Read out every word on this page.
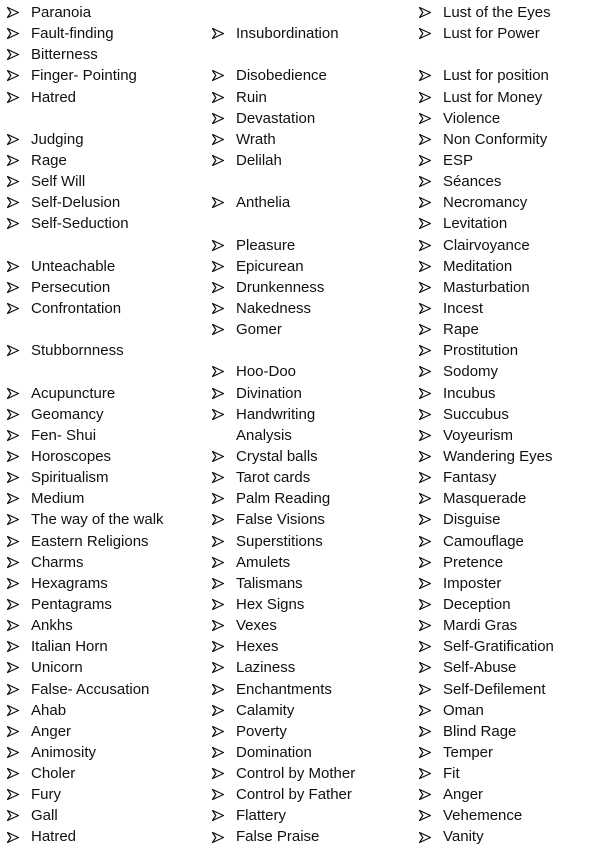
Paranoia
Fault-finding
Bitterness
Finger- Pointing
Hatred
Judging
Rage
Self Will
Self-Delusion
Self-Seduction
Unteachable
Persecution
Confrontation
Stubbornness
Acupuncture
Geomancy
Fen- Shui
Horoscopes
Spiritualism
Medium
The way of the walk
Eastern Religions
Charms
Hexagrams
Pentagrams
Ankhs
Italian Horn
Unicorn
False- Accusation
Ahab
Anger
Animosity
Choler
Fury
Gall
Hatred
Insubordination
Disobedience
Ruin
Devastation
Wrath
Delilah
Anthelia
Pleasure
Epicurean
Drunkenness
Nakedness
Gomer
Hoo-Doo
Divination
Handwriting
Analysis
Crystal balls
Tarot cards
Palm Reading
False Visions
Superstitions
Amulets
Talismans
Hex Signs
Vexes
Hexes
Laziness
Enchantments
Calamity
Poverty
Domination
Control by Mother
Control by Father
Flattery
False Praise
Lust of the Eyes
Lust for Power
Lust for position
Lust for Money
Violence
Non Conformity
ESP
Séances
Necromancy
Levitation
Clairvoyance
Meditation
Masturbation
Incest
Rape
Prostitution
Sodomy
Incubus
Succubus
Voyeurism
Wandering Eyes
Fantasy
Masquerade
Disguise
Camouflage
Pretence
Imposter
Deception
Mardi Gras
Self-Gratification
Self-Abuse
Self-Defilement
Oman
Blind Rage
Temper
Fit
Anger
Vehemence
Vanity
